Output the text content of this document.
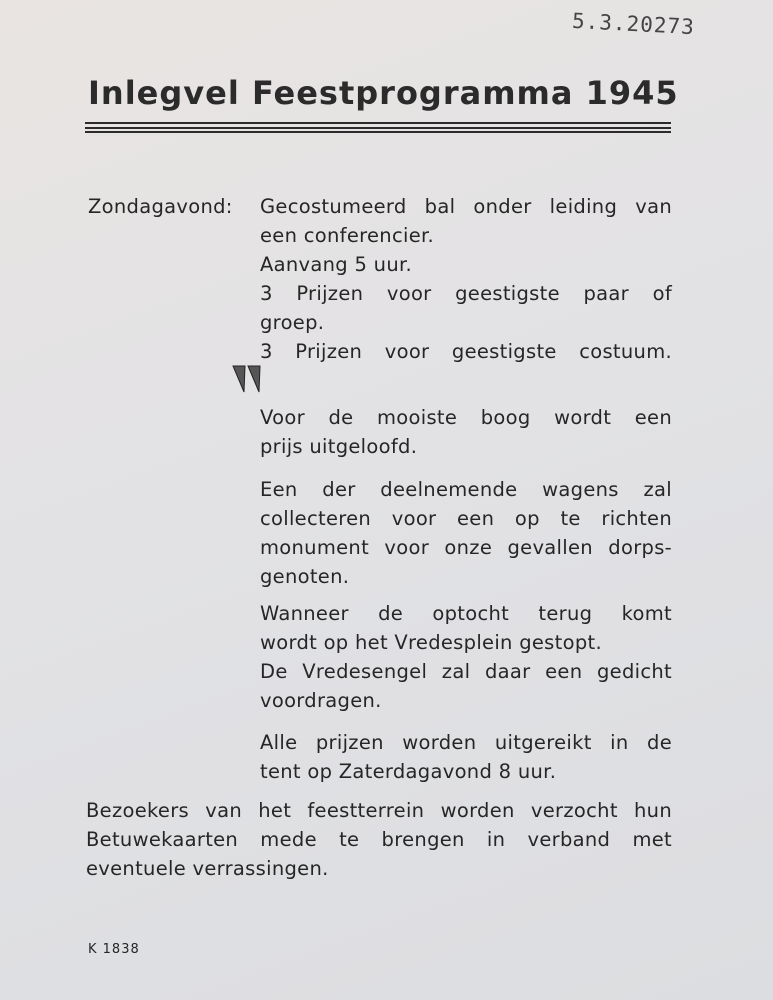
5.3.20273
Inlegvel Feestprogramma 1945
Zondagavond: Gecostumeerd bal onder leiding van
een conferencier.
Aanvang 5 uur.
3 Prijzen voor geestigste paar of
groep.
3 Prijzen voor geestigste costuum.
Voor de mooiste boog wordt een
prijs uitgeloofd.
Een der deelnemende wagens zal
collecteren voor een op te richten
monument voor onze gevallen dorps-
genoten.
Wanneer de optocht terug komt
wordt op het Vredesplein gestopt.
De Vredesengel zal daar een gedicht
voordragen.
Alle prijzen worden uitgereikt in de
tent op Zaterdagavond 8 uur.
Bezoekers van het feestterrein worden verzocht hun
Betuwekaarten mede te brengen in verband met
eventuele verrassingen.
K 1838
